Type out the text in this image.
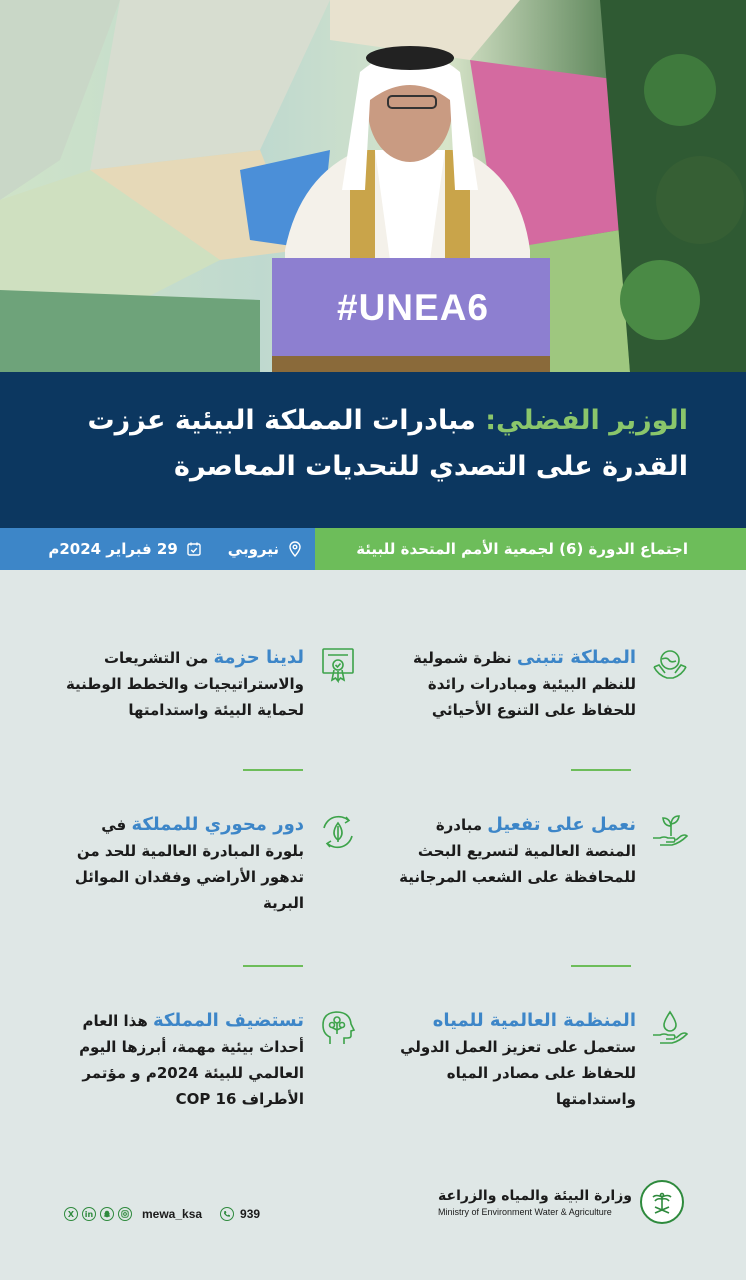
#UNEA6
الوزير الفضلي: مبادرات المملكة البيئية عززت
القدرة على التصدي للتحديات المعاصرة
اجتماع الدورة (6) لجمعية الأمم المتحدة للبيئة
نيروبي
29 فبراير 2024م
المملكة تتبنى نظرة شمولية للنظم البيئية ومبادرات رائدة للحفاظ على التنوع الأحيائي
لدينا حزمة من التشريعات والاستراتيجيات والخطط الوطنية لحماية البيئة واستدامتها
نعمل على تفعيل مبادرة المنصة العالمية لتسريع البحث للمحافظة على الشعب المرجانية
دور محوري للمملكة في بلورة المبادرة العالمية للحد من تدهور الأراضي وفقدان الموائل البرية
المنظمة العالمية للمياه ستعمل على تعزيز العمل الدولي للحفاظ على مصادر المياه واستدامتها
تستضيف المملكة هذا العام أحداث بيئية مهمة، أبرزها اليوم العالمي للبيئة 2024م و مؤتمر الأطراف COP 16
وزارة البيئة والمياه والزراعة
Ministry of Environment Water & Agriculture
X	in	mewa_ksa	939
